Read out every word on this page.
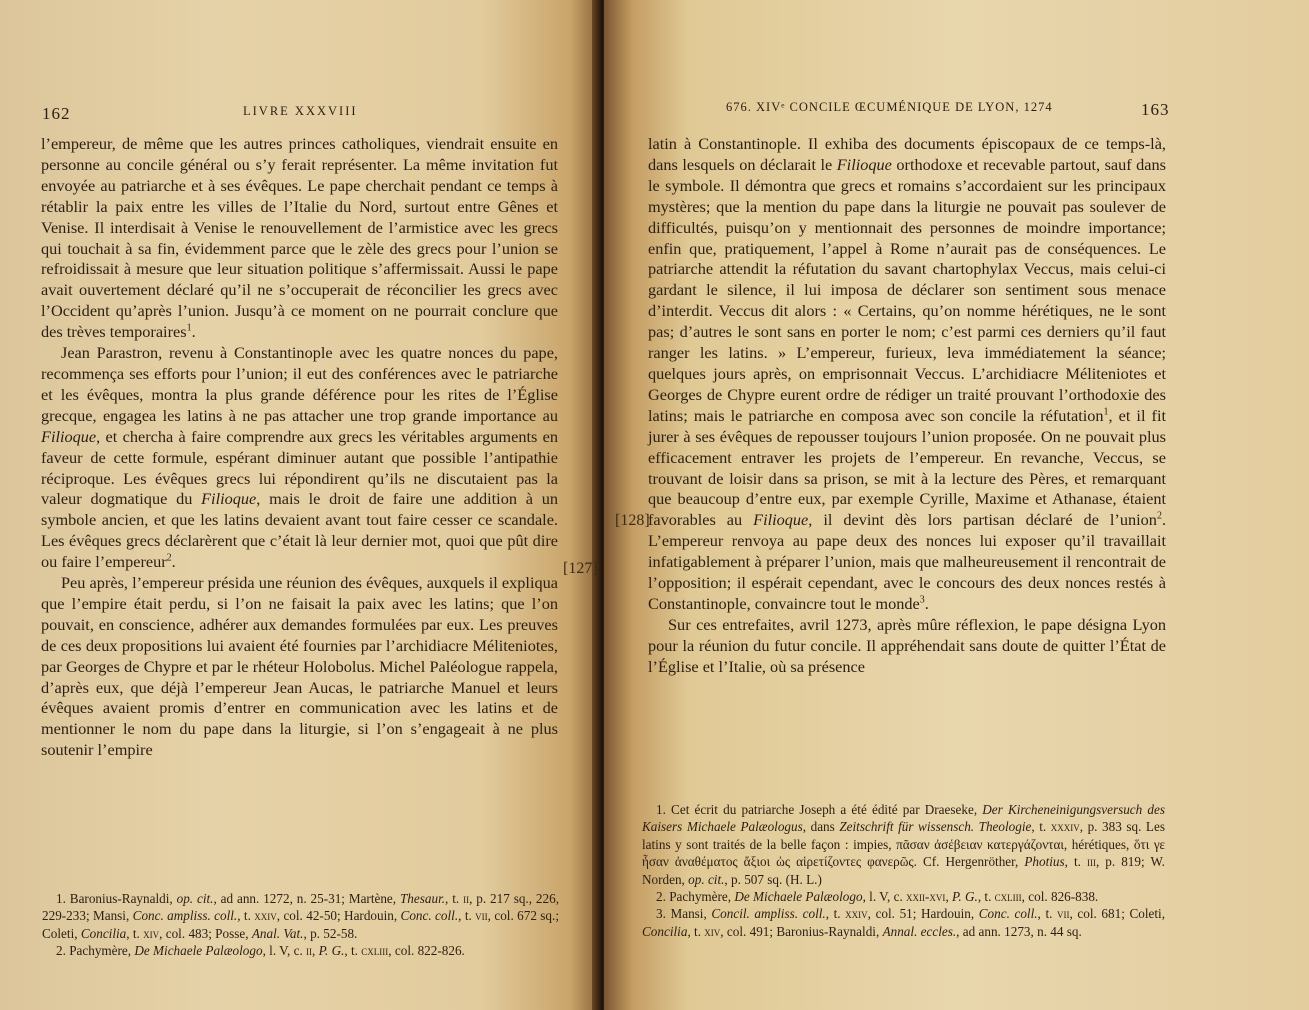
162	LIVRE XXXVIII

l’empereur, de même que les autres princes catholiques, viendrait ensuite en personne au concile général ou s’y ferait représenter. La même invitation fut envoyée au patriarche et à ses évêques. Le pape cherchait pendant ce temps à rétablir la paix entre les villes de l’Italie du Nord, surtout entre Gênes et Venise. Il interdisait à Venise le renouvellement de l’armistice avec les grecs qui touchait à sa fin, évidemment parce que le zèle des grecs pour l’union se refroidissait à mesure que leur situation politique s’affermissait. Aussi le pape avait ouvertement déclaré qu’il ne s’occuperait de réconcilier les grecs avec l’Occident qu’après l’union. Jusqu’à ce moment on ne pourrait conclure que des trèves temporaires$^1$.

Jean Parastron, revenu à Constantinople avec les quatre nonces du pape, recommença ses efforts pour l’union; il eut des conférences avec le patriarche et les évêques, montra la plus grande déférence pour les rites de l’Église grecque, engagea les latins à ne pas attacher une trop grande importance au Filioque, et chercha à faire comprendre aux grecs les véritables arguments en faveur de cette formule, espérant diminuer autant que possible l’antipathie réciproque. Les évêques grecs lui répondirent qu’ils ne discutaient pas la valeur dogmatique du Filioque, mais le droit de faire une addition à un symbole ancien, et que les latins devaient avant tout faire cesser ce scandale. Les évêques grecs déclarèrent que c’était là leur dernier mot, quoi que pût dire ou faire l’empereur$^2$.

Peu après, l’empereur présida une réunion des évêques, auxquels il expliqua que l’empire était perdu, si l’on ne faisait la paix avec les latins; que l’on pouvait, en conscience, adhérer aux demandes formulées par eux. Les preuves de ces deux propositions lui avaient été fournies par l’archidiacre Méliteniotes, par Georges de Chypre et par le rhéteur Holobolus. Michel Paléologue rappela, d’après eux, que déjà l’empereur Jean Aucas, le patriarche Manuel et leurs évêques avaient promis d’entrer en communication avec les latins et de mentionner le nom du pape dans la liturgie, si l’on s’engageait à ne plus soutenir l’empire

1. Baronius-Raynaldi, op. cit., ad ann. 1272, n. 25-31; Martène, Thesaur., t. ii, p. 217 sq., 226, 229-233; Mansi, Conc. ampliss. coll., t. xxiv, col. 42-50; Hardouin, Conc. coll., t. vii, col. 672 sq.; Coleti, Concilia, t. xiv, col. 483; Posse, Anal. Vat., p. 52-58.

2. Pachymère, De Michaele Palæologo, l. V, c. ii, P. G., t. cxliii, col. 822-826.

[127]
676. XIVᵉ CONCILE ŒCUMÉNIQUE DE LYON, 1274	163

latin à Constantinople. Il exhiba des documents épiscopaux de ce temps-là, dans lesquels on déclarait le Filioque orthodoxe et recevable partout, sauf dans le symbole. Il démontra que grecs et romains s’accordaient sur les principaux mystères; que la mention du pape dans la liturgie ne pouvait pas soulever de difficultés, puisqu’on y mentionnait des personnes de moindre importance; enfin que, pratiquement, l’appel à Rome n’aurait pas de conséquences. Le patriarche attendit la réfutation du savant chartophylax Veccus, mais celui-ci gardant le silence, il lui imposa de déclarer son sentiment sous menace d’interdit. Veccus dit alors : « Certains, qu’on nomme hérétiques, ne le sont pas; d’autres le sont sans en porter le nom; c’est parmi ces derniers qu’il faut ranger les latins. » L’empereur, furieux, leva immédiatement la séance; quelques jours après, on emprisonnait Veccus. L’archidiacre Méliteniotes et Georges de Chypre eurent ordre de rédiger un traité prouvant l’orthodoxie des latins; mais le patriarche en composa avec son concile la réfutation$^1$, et il fit jurer à ses évêques de repousser toujours l’union proposée. On ne pouvait plus efficacement entraver les projets de l’empereur. En revanche, Veccus, se trouvant de loisir dans sa prison, se mit à la lecture des Pères, et remarquant que beaucoup d’entre eux, par exemple Cyrille, Maxime et Athanase, étaient favorables au Filioque, il devint dès lors partisan déclaré de l’union$^2$. L’empereur renvoya au pape deux des nonces lui exposer qu’il travaillait infatigablement à préparer l’union, mais que malheureusement il rencontrait de l’opposition; il espérait cependant, avec le concours des deux nonces restés à Constantinople, convaincre tout le monde$^3$.

Sur ces entrefaites, avril 1273, après mûre réflexion, le pape désigna Lyon pour la réunion du futur concile. Il appréhendait sans doute de quitter l’État de l’Église et l’Italie, où sa présence

1. Cet écrit du patriarche Joseph a été édité par Draeseke, Der Kircheneinigungsversuch des Kaisers Michaele Palæologus, dans Zeitschrift für wissensch. Theologie, t. xxxiv, p. 383 sq. Les latins y sont traités de la belle façon : impies, πᾶσαν ἀσέβειαν κατεργάζονται, hérétiques, ὅτι γε ἦσαν ἀναθέματος ἄξιοι ὡς αἱρετίζοντες φανερῶς. Cf. Hergenröther, Photius, t. iii, p. 819; W. Norden, op. cit., p. 507 sq. (H. L.)

2. Pachymère, De Michaele Palæologo, l. V, c. xxii-xvi, P. G., t. cxliii, col. 826-838.

3. Mansi, Concil. ampliss. coll., t. xxiv, col. 51; Hardouin, Conc. coll., t. vii, col. 681; Coleti, Concilia, t. xiv, col. 491; Baronius-Raynaldi, Annal. eccles., ad ann. 1273, n. 44 sq.

[128]
